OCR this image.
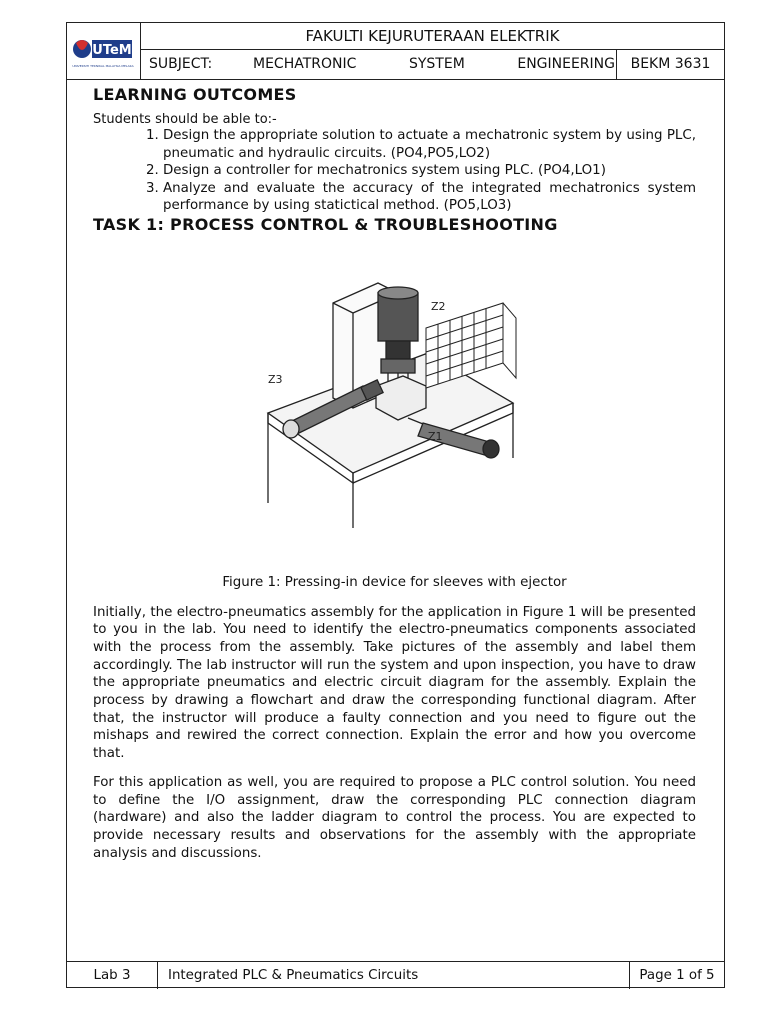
UTeM
UNIVERSITI TEKNIKAL MALAYSIA MELAKA
FAKULTI KEJURUTERAAN ELEKTRIK
SUBJECT:	MECHATRONIC	SYSTEM	ENGINEERING	BEKM 3631
LEARNING OUTCOMES
Students should be able to:-
1. Design the appropriate solution to actuate a mechatronic system by using PLC, pneumatic and hydraulic circuits. (PO4,PO5,LO2)
2. Design a controller for mechatronics system using PLC. (PO4,LO1)
3. Analyze and evaluate the accuracy of the integrated mechatronics system performance by using statictical method. (PO5,LO3)
TASK 1: PROCESS CONTROL & TROUBLESHOOTING
Z2
Z3
Z1
Figure 1: Pressing-in device for sleeves with ejector

Initially, the electro-pneumatics assembly for the application in Figure 1 will be presented to you in the lab. You need to identify the electro-pneumatics components associated with the process from the assembly. Take pictures of the assembly and label them accordingly. The lab instructor will run the system and upon inspection, you have to draw the appropriate pneumatics and electric circuit diagram for the assembly. Explain the process by drawing a flowchart and draw the corresponding functional diagram. After that, the instructor will produce a faulty connection and you need to figure out the mishaps and rewired the correct connection. Explain the error and how you overcome that.

For this application as well, you are required to propose a PLC control solution. You need to define the I/O assignment, draw the corresponding PLC connection diagram (hardware) and also the ladder diagram to control the process. You are expected to provide necessary results and observations for the assembly with the appropriate analysis and discussions.

Lab 3	Integrated PLC & Pneumatics Circuits	Page 1 of 5
